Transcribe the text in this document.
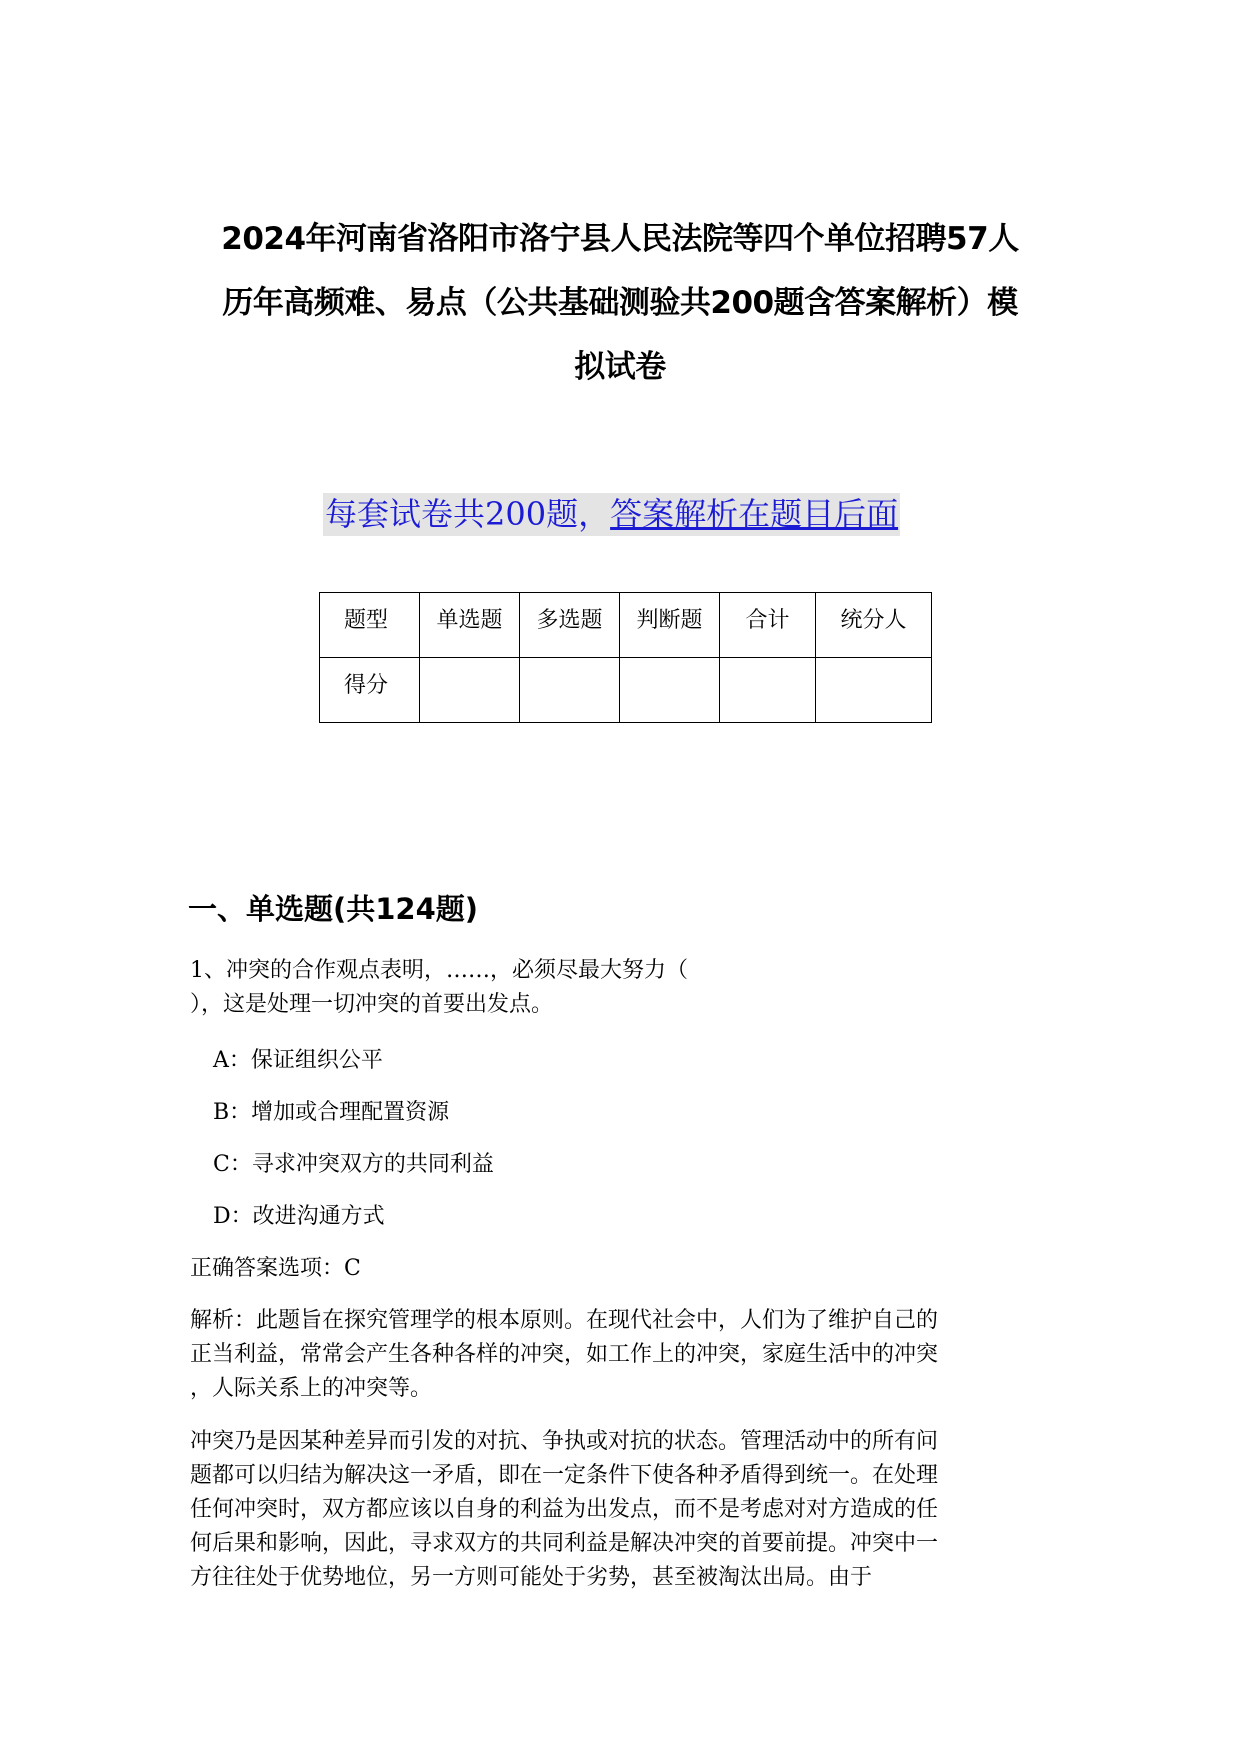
2024年河南省洛阳市洛宁县人民法院等四个单位招聘57人
历年高频难、易点（公共基础测验共200题含答案解析）模
拟试卷
每套试卷共200题，答案解析在题目后面
题型	单选题	多选题	判断题	合计	统分人
得分					
一、单选题(共124题)
1、冲突的合作观点表明，……，必须尽最大努力（
），这是处理一切冲突的首要出发点。
A：保证组织公平
B：增加或合理配置资源
C：寻求冲突双方的共同利益
D：改进沟通方式
正确答案选项：C
解析：此题旨在探究管理学的根本原则。在现代社会中，人们为了维护自己的
正当利益，常常会产生各种各样的冲突，如工作上的冲突，家庭生活中的冲突
，人际关系上的冲突等。
冲突乃是因某种差异而引发的对抗、争执或对抗的状态。管理活动中的所有问
题都可以归结为解决这一矛盾，即在一定条件下使各种矛盾得到统一。在处理
任何冲突时，双方都应该以自身的利益为出发点，而不是考虑对对方造成的任
何后果和影响，因此，寻求双方的共同利益是解决冲突的首要前提。冲突中一
方往往处于优势地位，另一方则可能处于劣势，甚至被淘汰出局。由于
